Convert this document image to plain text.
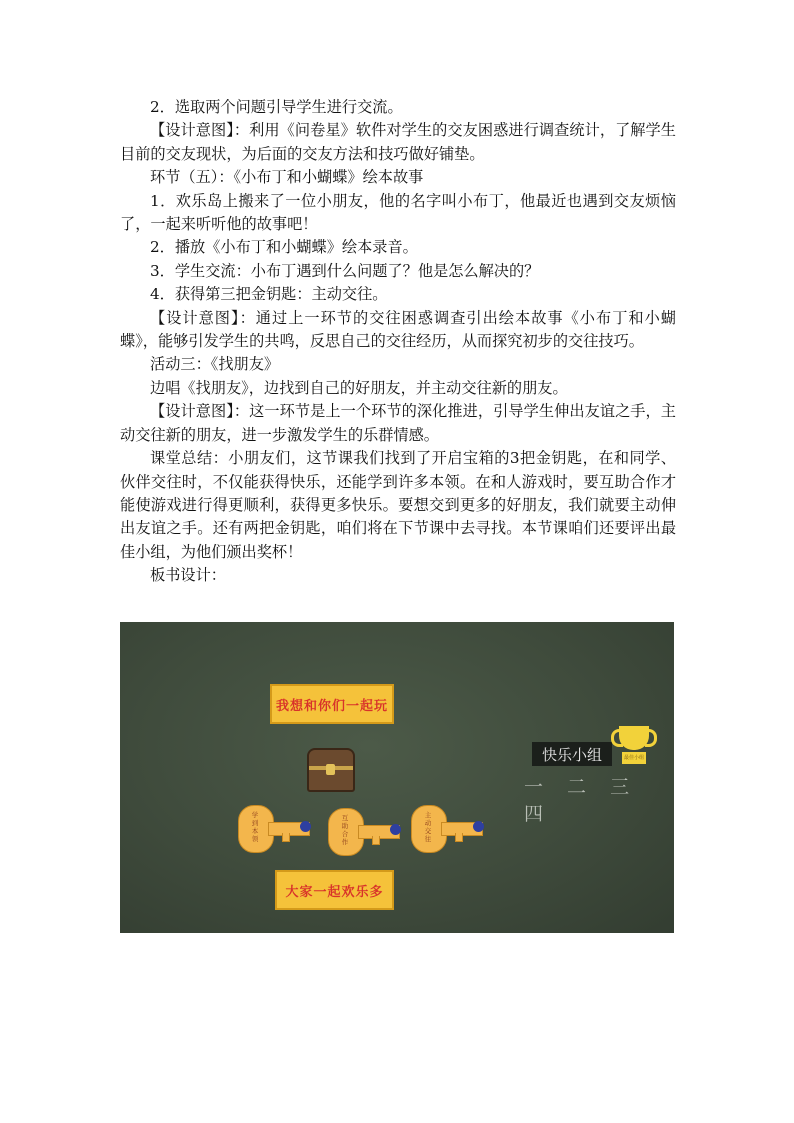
2．选取两个问题引导学生进行交流。

【设计意图】：利用《问卷星》软件对学生的交友困惑进行调查统计，了解学生目前的交友现状，为后面的交友方法和技巧做好铺垫。

环节（五）：《小布丁和小蝴蝶》绘本故事

1．欢乐岛上搬来了一位小朋友，他的名字叫小布丁，他最近也遇到交友烦恼了，一起来听听他的故事吧！

2．播放《小布丁和小蝴蝶》绘本录音。

3．学生交流：小布丁遇到什么问题了？他是怎么解决的？

4．获得第三把金钥匙：主动交往。

【设计意图】：通过上一环节的交往困惑调查引出绘本故事《小布丁和小蝴蝶》，能够引发学生的共鸣，反思自己的交往经历，从而探究初步的交往技巧。

活动三：《找朋友》

边唱《找朋友》，边找到自己的好朋友，并主动交往新的朋友。

【设计意图】：这一环节是上一个环节的深化推进，引导学生伸出友谊之手，主动交往新的朋友，进一步激发学生的乐群情感。

课堂总结：小朋友们，这节课我们找到了开启宝箱的3把金钥匙，在和同学、伙伴交往时，不仅能获得快乐，还能学到许多本领。在和人游戏时，要互助合作才能使游戏进行得更顺利，获得更多快乐。要想交到更多的好朋友，我们就要主动伸出友谊之手。还有两把金钥匙，咱们将在下节课中去寻找。本节课咱们还要评出最佳小组，为他们颁出奖杯！

板书设计：

我想和你们一起玩
学到本领
互助合作
主动交往
大家一起欢乐多
快乐小组
一 二 三 四
最佳小组
